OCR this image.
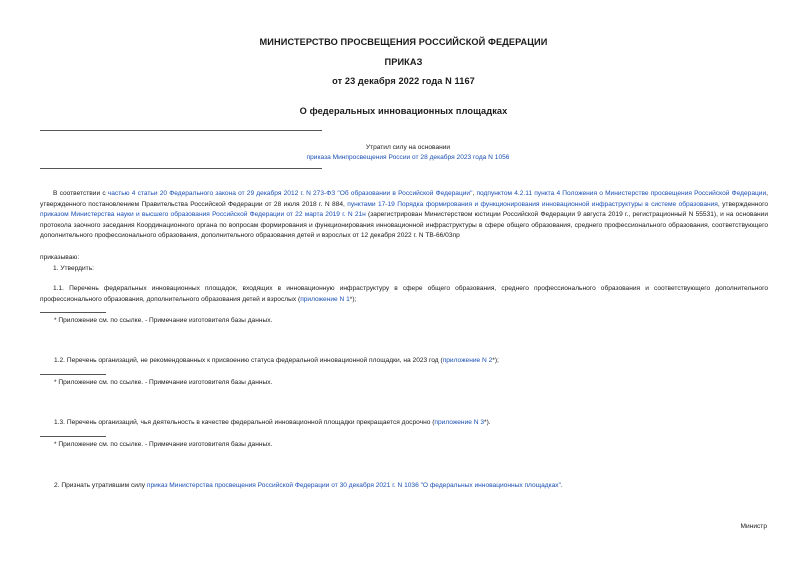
МИНИСТЕРСТВО ПРОСВЕЩЕНИЯ РОССИЙСКОЙ ФЕДЕРАЦИИ
ПРИКАЗ
от 23 декабря 2022 года N 1167
О федеральных инновационных площадках
Утратил силу на основании
приказа Минпросвещения России от 28 декабря 2023 года N 1056
В соответствии с частью 4 статьи 20 Федерального закона от 29 декабря 2012 г. N 273-ФЗ "Об образовании в Российской Федерации", подпунктом 4.2.11 пункта 4 Положения о Министерстве просвещения Российской Федерации, утвержденного постановлением Правительства Российской Федерации от 28 июля 2018 г. N 884, пунктами 17-19 Порядка формирования и функционирования инновационной инфраструктуры в системе образования, утвержденного приказом Министерства науки и высшего образования Российской Федерации от 22 марта 2019 г. N 21н (зарегистрирован Министерством юстиции Российской Федерации 9 августа 2019 г., регистрационный N 55531), и на основании протокола заочного заседания Координационного органа по вопросам формирования и функционирования инновационной инфраструктуры в сфере общего образования, среднего профессионального образования, соответствующего дополнительного профессионального образования, дополнительного образования детей и взрослых от 12 декабря 2022 г. N ТВ-66/03пр
приказываю:
1. Утвердить:
1.1. Перечень федеральных инновационных площадок, входящих в инновационную инфраструктуру в сфере общего образования, среднего профессионального образования и соответствующего дополнительного профессионального образования, дополнительного образования детей и взрослых (приложение N 1*);
* Приложение см. по ссылке. - Примечание изготовителя базы данных.
1.2. Перечень организаций, не рекомендованных к присвоению статуса федеральной инновационной площадки, на 2023 год (приложение N 2*);
* Приложение см. по ссылке. - Примечание изготовителя базы данных.
1.3. Перечень организаций, чья деятельность в качестве федеральной инновационной площадки прекращается досрочно (приложение N 3*).
* Приложение см. по ссылке. - Примечание изготовителя базы данных.
2. Признать утратившим силу приказ Министерства просвещения Российской Федерации от 30 декабря 2021 г. N 1036 "О федеральных инновационных площадках".
Министр
